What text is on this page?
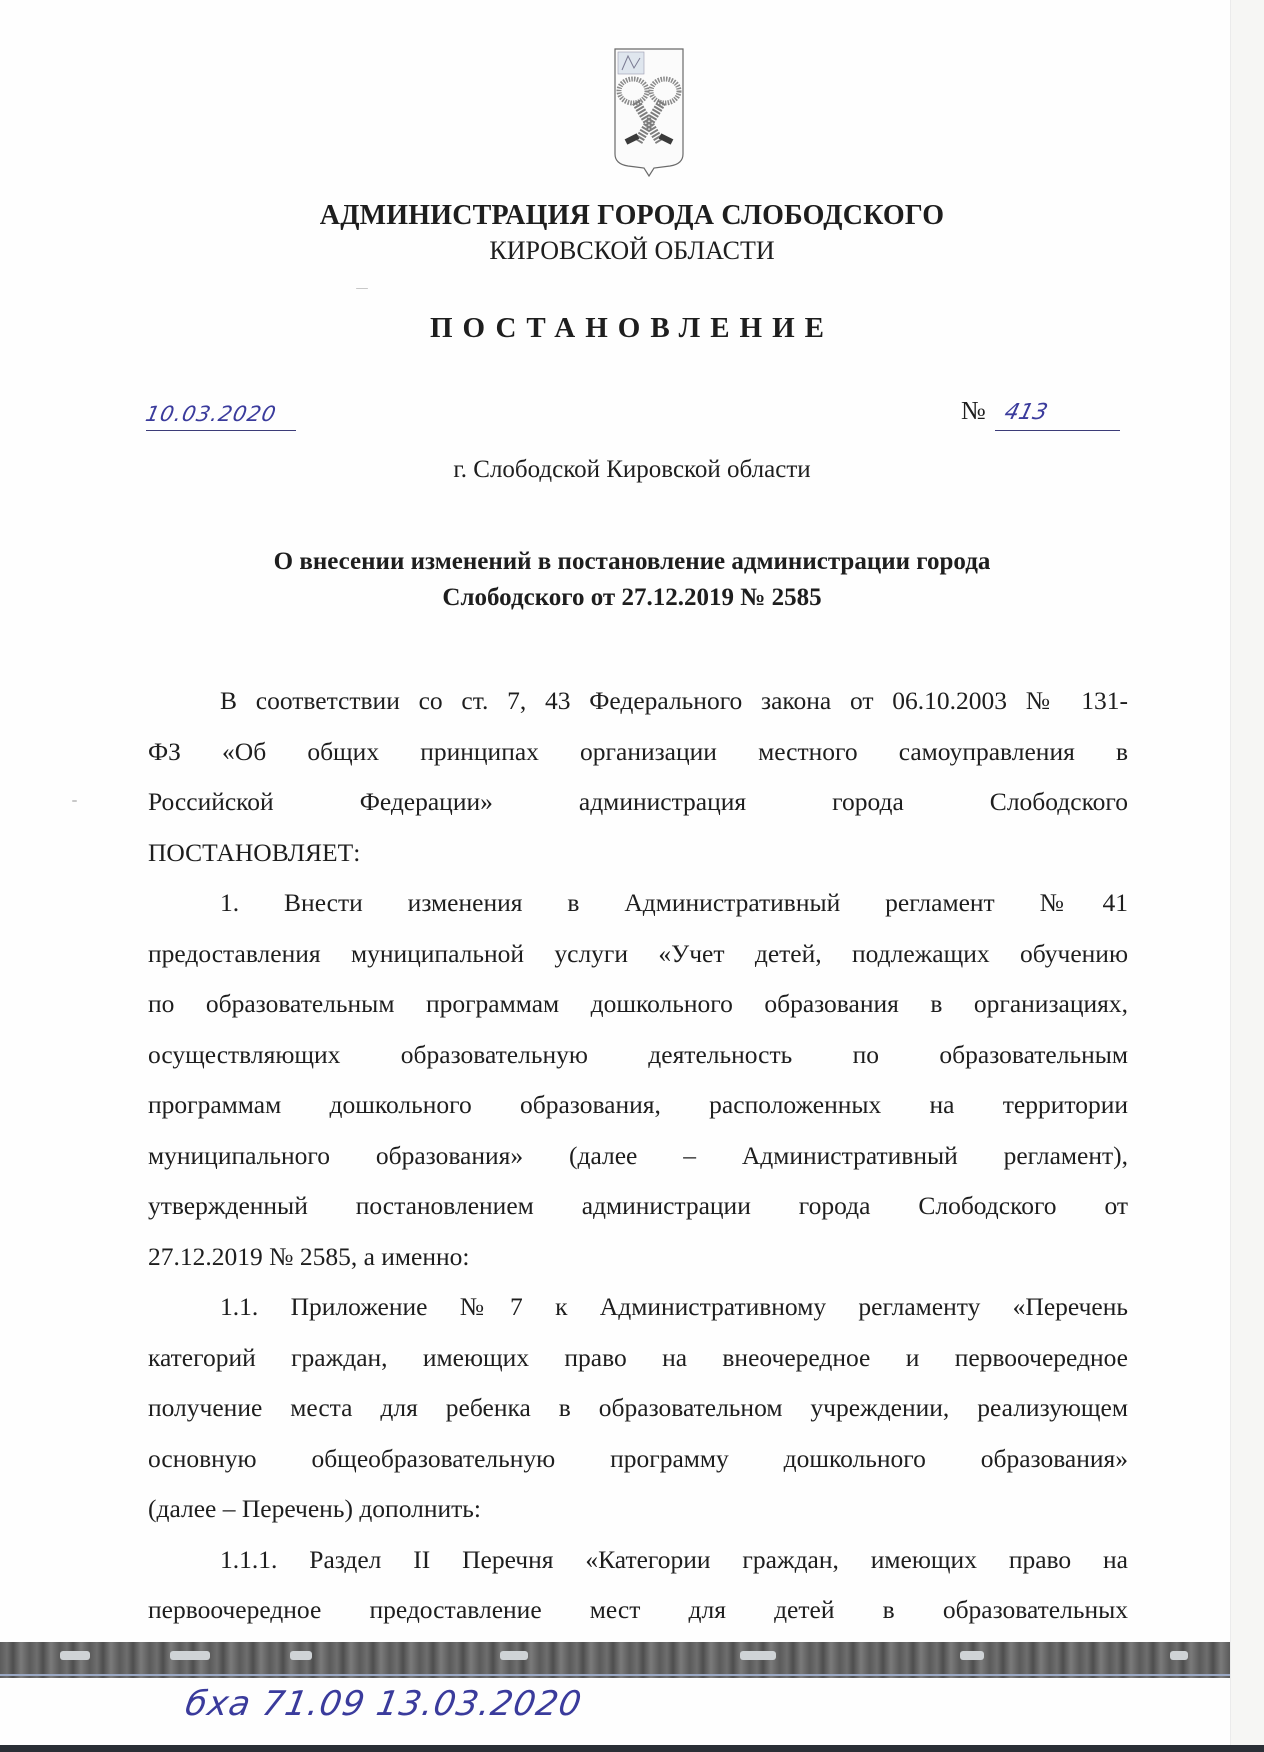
АДМИНИСТРАЦИЯ ГОРОДА СЛОБОДСКОГО
КИРОВСКОЙ ОБЛАСТИ
ПОСТАНОВЛЕНИЕ
10.03.2020	№ 413
г. Слободской Кировской области
О внесении изменений в постановление администрации города
Слободского от 27.12.2019 № 2585
В соответствии со ст. 7, 43 Федерального закона от 06.10.2003 № 131-
ФЗ «Об общих принципах организации местного самоуправления в
Российской Федерации» администрация города Слободского
ПОСТАНОВЛЯЕТ:
1. Внести изменения в Административный регламент №41
предоставления муниципальной услуги «Учет детей, подлежащих обучению
по образовательным программам дошкольного образования в организациях,
осуществляющих образовательную деятельность по образовательным
программам дошкольного образования, расположенных на территории
муниципального образования» (далее – Административный регламент),
утвержденный постановлением администрации города Слободского от
27.12.2019 № 2585, а именно:
1.1. Приложение №7 к Административному регламенту «Перечень
категорий граждан, имеющих право на внеочередное и первоочередное
получение места для ребенка в образовательном учреждении, реализующем
основную общеобразовательную программу дошкольного образования»
(далее – Перечень) дополнить:
1.1.1. Раздел II Перечня «Категории граждан, имеющих право на
первоочередное предоставление мест для детей в образовательных
бха 71.09 13.03.2020
